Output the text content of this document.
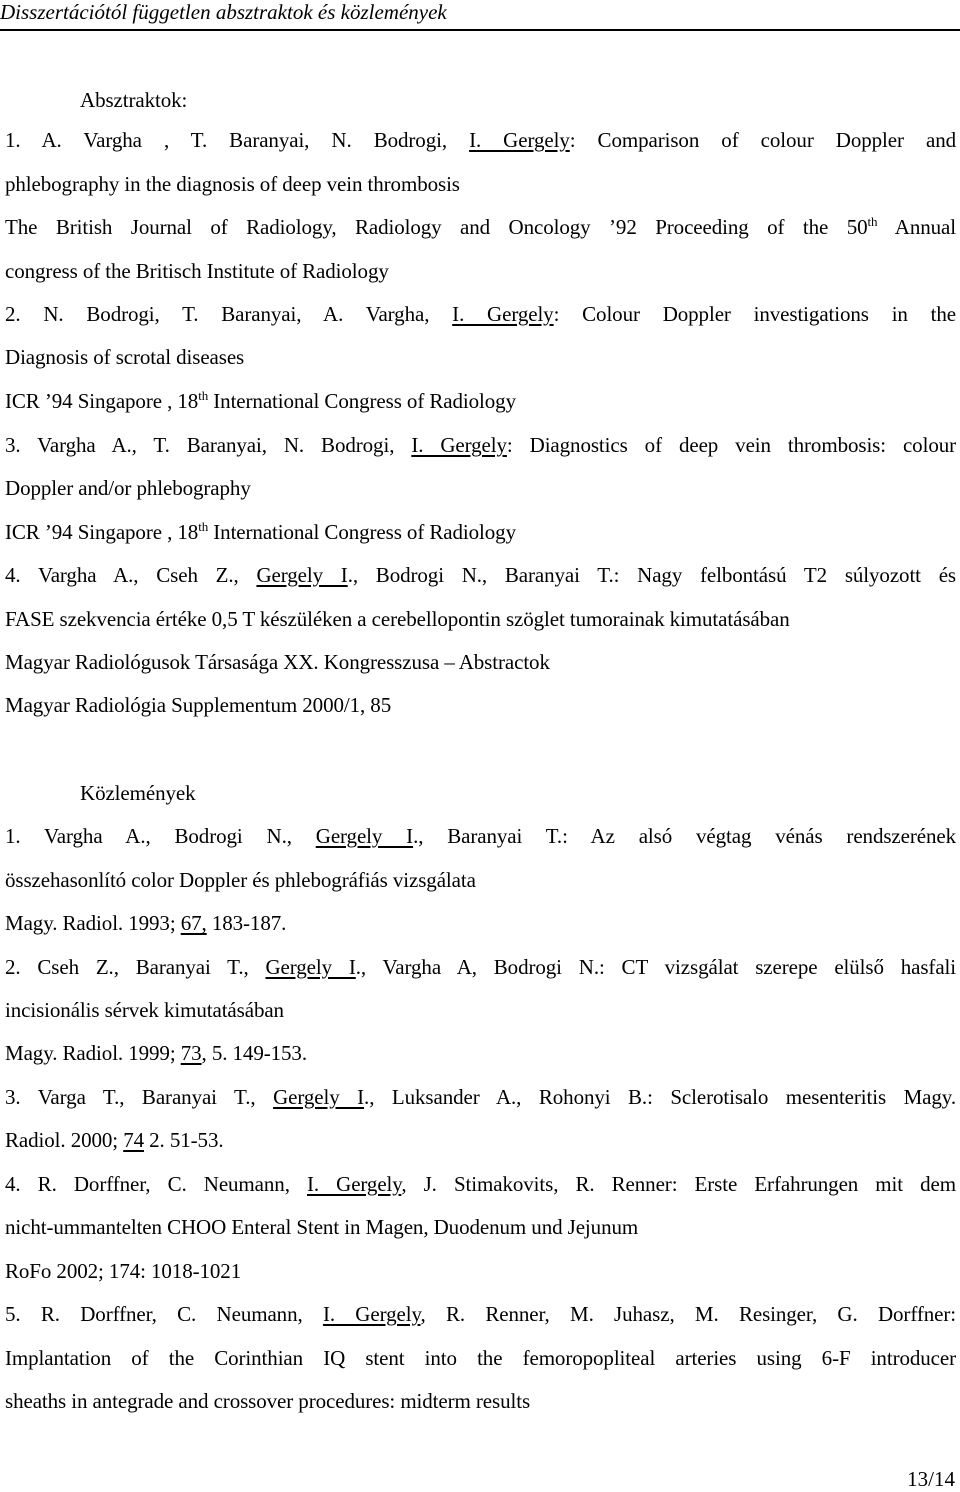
Disszertációtól független absztraktok és közlemények
Absztraktok:
1. A. Vargha , T. Baranyai, N. Bodrogi, I. Gergely: Comparison of colour Doppler and
phlebography in the diagnosis of deep vein thrombosis
The British Journal of Radiology, Radiology and Oncology ’92 Proceeding of the 50th Annual
congress of the Britisch Institute of Radiology
2. N. Bodrogi, T. Baranyai, A. Vargha, I. Gergely: Colour Doppler investigations in the
Diagnosis of scrotal diseases
ICR ’94 Singapore , 18th International Congress of Radiology
3. Vargha A., T. Baranyai, N. Bodrogi, I. Gergely: Diagnostics of deep vein thrombosis: colour
Doppler and/or phlebography
ICR ’94 Singapore , 18th International Congress of Radiology
4. Vargha A., Cseh Z., Gergely I., Bodrogi N., Baranyai T.: Nagy felbontású T2 súlyozott és
FASE szekvencia értéke 0,5 T készüléken a cerebellopontin szöglet tumorainak kimutatásában
Magyar Radiológusok Társasága XX. Kongresszusa – Abstractok
Magyar Radiológia Supplementum 2000/1, 85
Közlemények
1. Vargha A., Bodrogi N., Gergely I., Baranyai T.: Az alsó végtag vénás rendszerének
összehasonlító color Doppler és phlebográfiás vizsgálata
Magy. Radiol. 1993; 67, 183-187.
2. Cseh Z., Baranyai T., Gergely I., Vargha A, Bodrogi N.: CT vizsgálat szerepe elülső hasfali
incisionális sérvek kimutatásában
Magy. Radiol. 1999; 73, 5. 149-153.
3. Varga T., Baranyai T., Gergely I., Luksander A., Rohonyi B.: Sclerotisalo mesenteritis Magy.
Radiol. 2000; 74 2. 51-53.
4. R. Dorffner, C. Neumann, I. Gergely, J. Stimakovits, R. Renner: Erste Erfahrungen mit dem
nicht-ummantelten CHOO Enteral Stent in Magen, Duodenum und Jejunum
RoFo 2002; 174: 1018-1021
5. R. Dorffner, C. Neumann, I. Gergely, R. Renner, M. Juhasz, M. Resinger, G. Dorffner:
Implantation of the Corinthian IQ stent into the femoropopliteal arteries using 6-F introducer
sheaths in antegrade and crossover procedures: midterm results
13/14
